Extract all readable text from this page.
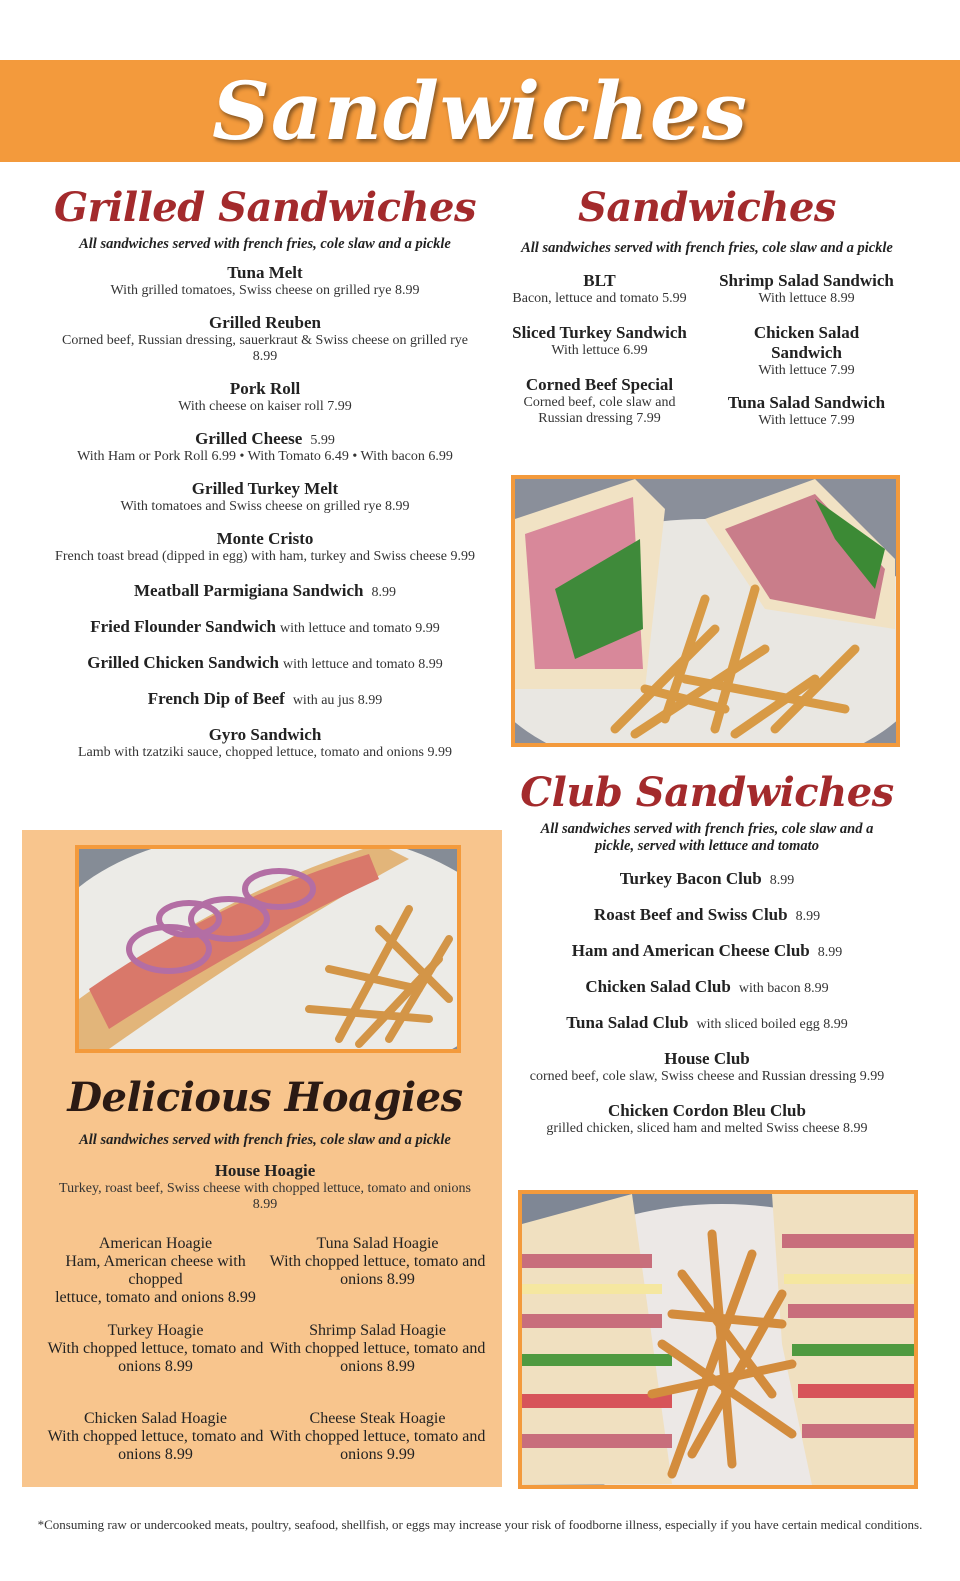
Sandwiches
Grilled Sandwiches

All sandwiches served with french fries, cole slaw and a pickle

Tuna Melt
With grilled tomatoes, Swiss cheese on grilled rye 8.99
Grilled Reuben
Corned beef, Russian dressing, sauerkraut & Swiss cheese on grilled rye 8.99
Pork Roll
With cheese on kaiser roll 7.99
Grilled Cheese 5.99
With Ham or Pork Roll 6.99 • With Tomato 6.49 • With bacon 6.99
Grilled Turkey Melt
With tomatoes and Swiss cheese on grilled rye 8.99
Monte Cristo
French toast bread (dipped in egg) with ham, turkey and Swiss cheese 9.99
Meatball Parmigiana Sandwich 8.99
Fried Flounder Sandwich with lettuce and tomato 9.99
Grilled Chicken Sandwich with lettuce and tomato 8.99
French Dip of Beef with au jus 8.99
Gyro Sandwich
Lamb with tzatziki sauce, chopped lettuce, tomato and onions 9.99
Sandwiches

All sandwiches served with french fries, cole slaw and a pickle

BLT
Bacon, lettuce and tomato 5.99
Sliced Turkey Sandwich
With lettuce 6.99
Corned Beef Special
Corned beef, cole slaw and
Russian dressing 7.99
Shrimp Salad Sandwich
With lettuce 8.99
Chicken Salad
Sandwich
With lettuce 7.99
Tuna Salad Sandwich
With lettuce 7.99
Club Sandwiches

All sandwiches served with french fries, cole slaw and a

pickle, served with lettuce and tomato

Turkey Bacon Club 8.99
Roast Beef and Swiss Club 8.99
Ham and American Cheese Club 8.99
Chicken Salad Club with bacon 8.99
Tuna Salad Club with sliced boiled egg 8.99
House Club
corned beef, cole slaw, Swiss cheese and Russian dressing 9.99
Chicken Cordon Bleu Club
grilled chicken, sliced ham and melted Swiss cheese 8.99
Delicious Hoagies

All sandwiches served with french fries, cole slaw and a pickle

House Hoagie
Turkey, roast beef, Swiss cheese with chopped lettuce, tomato and onions 8.99
American Hoagie
Ham, American cheese with chopped
lettuce, tomato and onions 8.99
Tuna Salad Hoagie
With chopped lettuce, tomato and
onions 8.99
Turkey Hoagie
With chopped lettuce, tomato and
onions 8.99
Shrimp Salad Hoagie
With chopped lettuce, tomato and
onions 8.99
Chicken Salad Hoagie
With chopped lettuce, tomato and
onions 8.99
Cheese Steak Hoagie
With chopped lettuce, tomato and
onions 9.99
*Consuming raw or undercooked meats, poultry, seafood, shellfish, or eggs may increase your risk of foodborne illness, especially if you have certain medical conditions.
